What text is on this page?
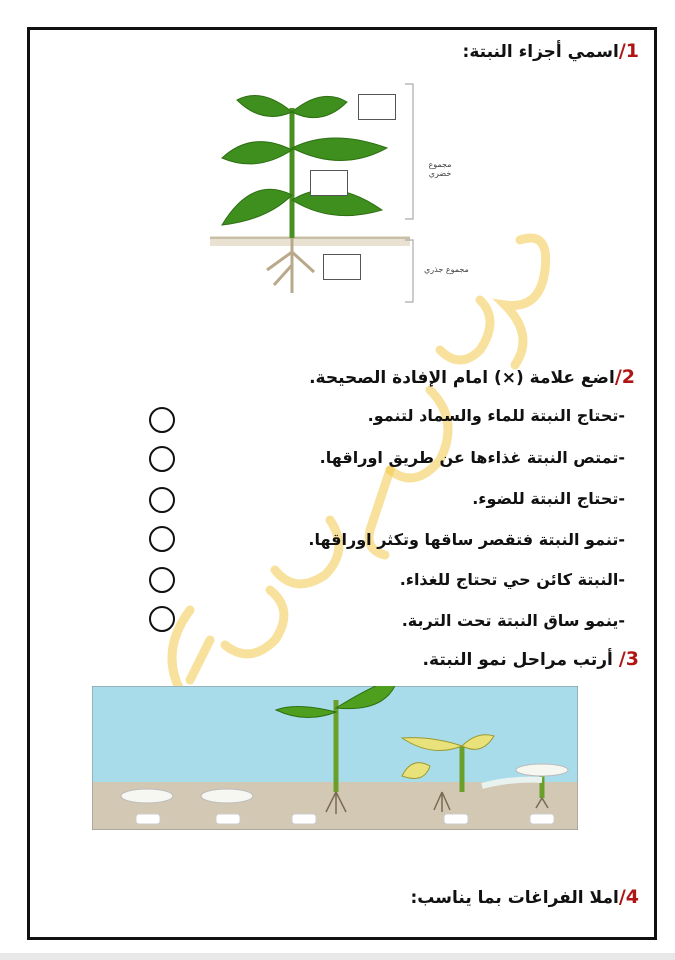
1/اسمي أجزاء النبتة:
مجموع خضري
مجموع جذري
2/اضع علامة (×) امام الإفادة الصحيحة.
-تحتاج النبتة للماء والسماد لتنمو.
-تمتص النبتة غذاءها عن طريق اوراقها.
-تحتاج النبتة للضوء.
-تنمو النبتة فتقصر ساقها وتكثر اوراقها.
-النبتة كائن حي تحتاج للغذاء.
-ينمو ساق النبتة تحت التربة.
3/ أرتب مراحل نمو النبتة.
4/املا الفراغات بما يناسب:
